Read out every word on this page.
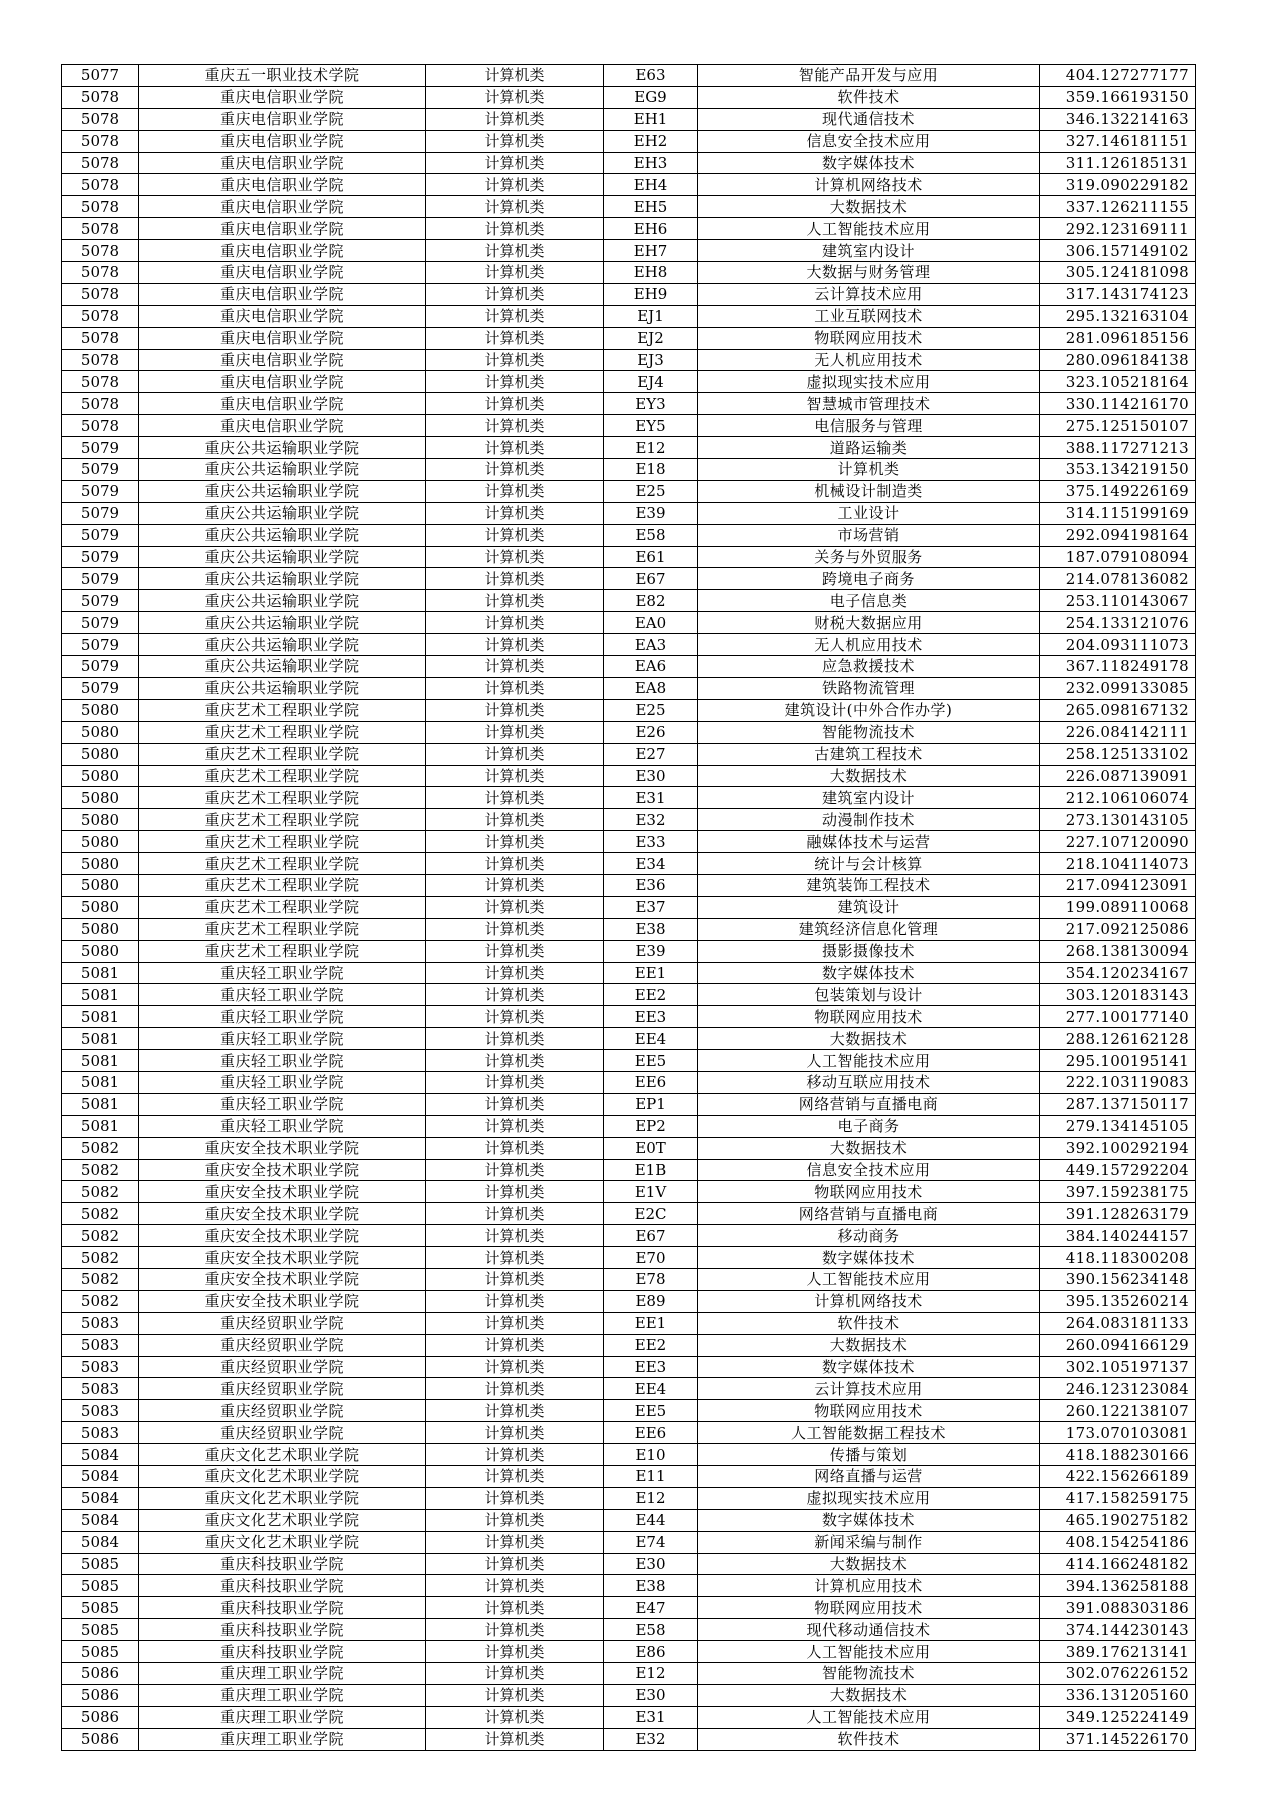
5077	重庆五一职业技术学院	计算机类	E63	智能产品开发与应用	404.127277177
5078	重庆电信职业学院	计算机类	EG9	软件技术	359.166193150
5078	重庆电信职业学院	计算机类	EH1	现代通信技术	346.132214163
5078	重庆电信职业学院	计算机类	EH2	信息安全技术应用	327.146181151
5078	重庆电信职业学院	计算机类	EH3	数字媒体技术	311.126185131
5078	重庆电信职业学院	计算机类	EH4	计算机网络技术	319.090229182
5078	重庆电信职业学院	计算机类	EH5	大数据技术	337.126211155
5078	重庆电信职业学院	计算机类	EH6	人工智能技术应用	292.123169111
5078	重庆电信职业学院	计算机类	EH7	建筑室内设计	306.157149102
5078	重庆电信职业学院	计算机类	EH8	大数据与财务管理	305.124181098
5078	重庆电信职业学院	计算机类	EH9	云计算技术应用	317.143174123
5078	重庆电信职业学院	计算机类	EJ1	工业互联网技术	295.132163104
5078	重庆电信职业学院	计算机类	EJ2	物联网应用技术	281.096185156
5078	重庆电信职业学院	计算机类	EJ3	无人机应用技术	280.096184138
5078	重庆电信职业学院	计算机类	EJ4	虚拟现实技术应用	323.105218164
5078	重庆电信职业学院	计算机类	EY3	智慧城市管理技术	330.114216170
5078	重庆电信职业学院	计算机类	EY5	电信服务与管理	275.125150107
5079	重庆公共运输职业学院	计算机类	E12	道路运输类	388.117271213
5079	重庆公共运输职业学院	计算机类	E18	计算机类	353.134219150
5079	重庆公共运输职业学院	计算机类	E25	机械设计制造类	375.149226169
5079	重庆公共运输职业学院	计算机类	E39	工业设计	314.115199169
5079	重庆公共运输职业学院	计算机类	E58	市场营销	292.094198164
5079	重庆公共运输职业学院	计算机类	E61	关务与外贸服务	187.079108094
5079	重庆公共运输职业学院	计算机类	E67	跨境电子商务	214.078136082
5079	重庆公共运输职业学院	计算机类	E82	电子信息类	253.110143067
5079	重庆公共运输职业学院	计算机类	EA0	财税大数据应用	254.133121076
5079	重庆公共运输职业学院	计算机类	EA3	无人机应用技术	204.093111073
5079	重庆公共运输职业学院	计算机类	EA6	应急救援技术	367.118249178
5079	重庆公共运输职业学院	计算机类	EA8	铁路物流管理	232.099133085
5080	重庆艺术工程职业学院	计算机类	E25	建筑设计(中外合作办学)	265.098167132
5080	重庆艺术工程职业学院	计算机类	E26	智能物流技术	226.084142111
5080	重庆艺术工程职业学院	计算机类	E27	古建筑工程技术	258.125133102
5080	重庆艺术工程职业学院	计算机类	E30	大数据技术	226.087139091
5080	重庆艺术工程职业学院	计算机类	E31	建筑室内设计	212.106106074
5080	重庆艺术工程职业学院	计算机类	E32	动漫制作技术	273.130143105
5080	重庆艺术工程职业学院	计算机类	E33	融媒体技术与运营	227.107120090
5080	重庆艺术工程职业学院	计算机类	E34	统计与会计核算	218.104114073
5080	重庆艺术工程职业学院	计算机类	E36	建筑装饰工程技术	217.094123091
5080	重庆艺术工程职业学院	计算机类	E37	建筑设计	199.089110068
5080	重庆艺术工程职业学院	计算机类	E38	建筑经济信息化管理	217.092125086
5080	重庆艺术工程职业学院	计算机类	E39	摄影摄像技术	268.138130094
5081	重庆轻工职业学院	计算机类	EE1	数字媒体技术	354.120234167
5081	重庆轻工职业学院	计算机类	EE2	包装策划与设计	303.120183143
5081	重庆轻工职业学院	计算机类	EE3	物联网应用技术	277.100177140
5081	重庆轻工职业学院	计算机类	EE4	大数据技术	288.126162128
5081	重庆轻工职业学院	计算机类	EE5	人工智能技术应用	295.100195141
5081	重庆轻工职业学院	计算机类	EE6	移动互联应用技术	222.103119083
5081	重庆轻工职业学院	计算机类	EP1	网络营销与直播电商	287.137150117
5081	重庆轻工职业学院	计算机类	EP2	电子商务	279.134145105
5082	重庆安全技术职业学院	计算机类	E0T	大数据技术	392.100292194
5082	重庆安全技术职业学院	计算机类	E1B	信息安全技术应用	449.157292204
5082	重庆安全技术职业学院	计算机类	E1V	物联网应用技术	397.159238175
5082	重庆安全技术职业学院	计算机类	E2C	网络营销与直播电商	391.128263179
5082	重庆安全技术职业学院	计算机类	E67	移动商务	384.140244157
5082	重庆安全技术职业学院	计算机类	E70	数字媒体技术	418.118300208
5082	重庆安全技术职业学院	计算机类	E78	人工智能技术应用	390.156234148
5082	重庆安全技术职业学院	计算机类	E89	计算机网络技术	395.135260214
5083	重庆经贸职业学院	计算机类	EE1	软件技术	264.083181133
5083	重庆经贸职业学院	计算机类	EE2	大数据技术	260.094166129
5083	重庆经贸职业学院	计算机类	EE3	数字媒体技术	302.105197137
5083	重庆经贸职业学院	计算机类	EE4	云计算技术应用	246.123123084
5083	重庆经贸职业学院	计算机类	EE5	物联网应用技术	260.122138107
5083	重庆经贸职业学院	计算机类	EE6	人工智能数据工程技术	173.070103081
5084	重庆文化艺术职业学院	计算机类	E10	传播与策划	418.188230166
5084	重庆文化艺术职业学院	计算机类	E11	网络直播与运营	422.156266189
5084	重庆文化艺术职业学院	计算机类	E12	虚拟现实技术应用	417.158259175
5084	重庆文化艺术职业学院	计算机类	E44	数字媒体技术	465.190275182
5084	重庆文化艺术职业学院	计算机类	E74	新闻采编与制作	408.154254186
5085	重庆科技职业学院	计算机类	E30	大数据技术	414.166248182
5085	重庆科技职业学院	计算机类	E38	计算机应用技术	394.136258188
5085	重庆科技职业学院	计算机类	E47	物联网应用技术	391.088303186
5085	重庆科技职业学院	计算机类	E58	现代移动通信技术	374.144230143
5085	重庆科技职业学院	计算机类	E86	人工智能技术应用	389.176213141
5086	重庆理工职业学院	计算机类	E12	智能物流技术	302.076226152
5086	重庆理工职业学院	计算机类	E30	大数据技术	336.131205160
5086	重庆理工职业学院	计算机类	E31	人工智能技术应用	349.125224149
5086	重庆理工职业学院	计算机类	E32	软件技术	371.145226170
